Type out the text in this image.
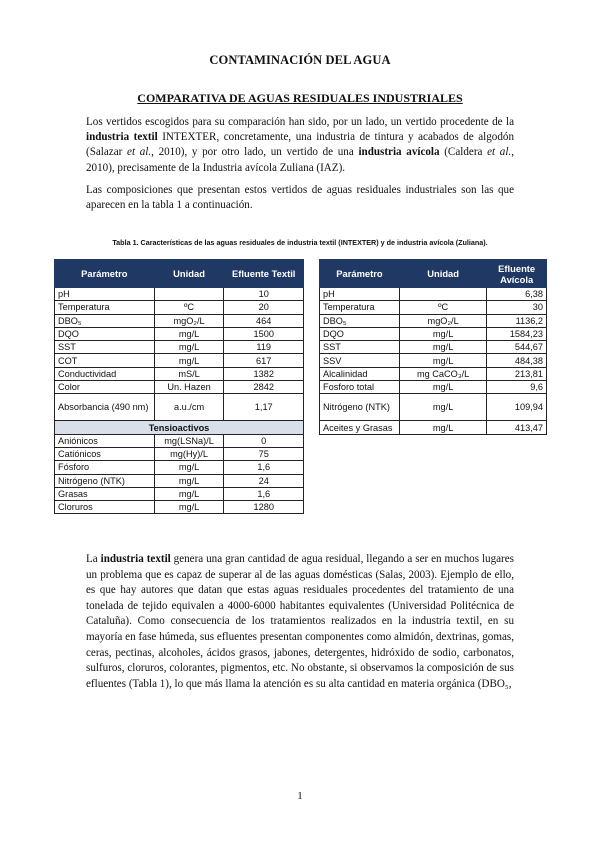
CONTAMINACIÓN DEL AGUA
COMPARATIVA DE AGUAS RESIDUALES INDUSTRIALES

Los vertidos escogidos para su comparación han sido, por un lado, un vertido procedente de la industria textil INTEXTER, concretamente, una industria de tintura y acabados de algodón (Salazar et al., 2010), y por otro lado, un vertido de una industria avícola (Caldera et al., 2010), precisamente de la Industria avícola Zuliana (IAZ).

Las composiciones que presentan estos vertidos de aguas residuales industriales son las que aparecen en la tabla 1 a continuación.

Tabla 1. Características de las aguas residuales de industria textil (INTEXTER) y de industria avícola (Zuliana).
Parámetro	Unidad	Efluente Textil
pH		10
Temperatura	ºC	20
DBO₅	mgO₂/L	464
DQO	mg/L	1500
SST	mg/L	119
COT	mg/L	617
Conductividad	mS/L	1382
Color	Un. Hazen	2842
Absorbancia (490 nm)	a.u./cm	1,17
Tensioactivos		
Aniónicos	mg(LSNa)/L	0
Catiónicos	mg(Hy)/L	75
Fósforo	mg/L	1,6
Nitrógeno (NTK)	mg/L	24
Grasas	mg/L	1,6
Cloruros	mg/L	1280
Parámetro	Unidad	Efluente Avícola
pH		6,38
Temperatura	ºC	30
DBO₅	mgO₂/L	1136,2
DQO	mg/L	1584,23
SST	mg/L	544,67
SSV	mg/L	484,38
Alcalinidad	mg CaCO₃/L	213,81
Fosforo total	mg/L	9,6
Nitrógeno (NTK)	mg/L	109,94
Aceites y Grasas	mg/L	413,47

La industria textil genera una gran cantidad de agua residual, llegando a ser en muchos lugares un problema que es capaz de superar al de las aguas domésticas (Salas, 2003). Ejemplo de ello, es que hay autores que datan que estas aguas residuales procedentes del tratamiento de una tonelada de tejido equivalen a 4000-6000 habitantes equivalentes (Universidad Politécnica de Cataluña). Como consecuencia de los tratamientos realizados en la industria textil, en su mayoría en fase húmeda, sus efluentes presentan componentes como almidón, dextrinas, gomas, ceras, pectinas, alcoholes, ácidos grasos, jabones, detergentes, hidróxido de sodio, carbonatos, sulfuros, cloruros, colorantes, pigmentos, etc. No obstante, si observamos la composición de sus efluentes (Tabla 1), lo que más llama la atención es su alta cantidad en materia orgánica (DBO₅,

1
